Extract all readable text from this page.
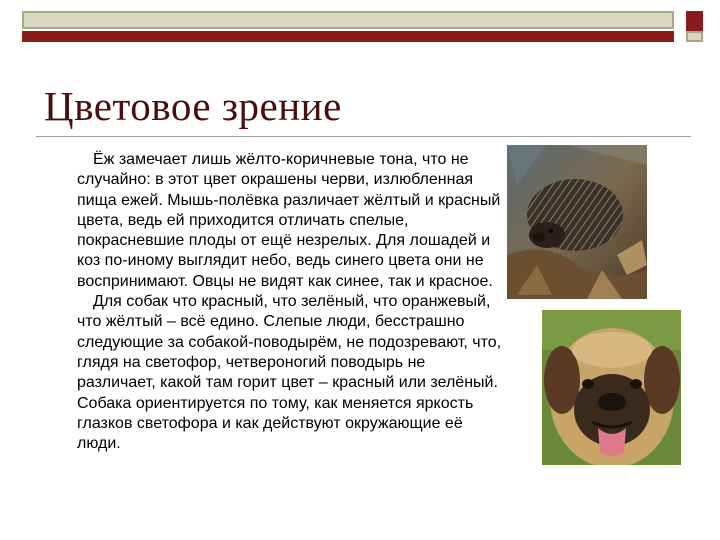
Цветовое зрение

Ёж замечает лишь жёлто-коричневые тона, что не случайно: в этот цвет окрашены черви, излюбленная пища ежей. Мышь-полёвка различает жёлтый и красный цвета, ведь ей приходится отличать спелые, покрасневшие плоды от ещё незрелых. Для лошадей и коз по-иному выглядит небо, ведь синего цвета они не воспринимают. Овцы не видят как синее, так и красное.

Для собак что красный, что зелёный, что оранжевый, что жёлтый – всё едино. Слепые люди, бесстрашно следующие за собакой-поводырём, не подозревают, что, глядя на светофор, четвероногий поводырь не различает, какой там горит цвет – красный или зелёный. Собака ориентируется по тому, как меняется яркость глазков светофора и как действуют окружающие её люди.
